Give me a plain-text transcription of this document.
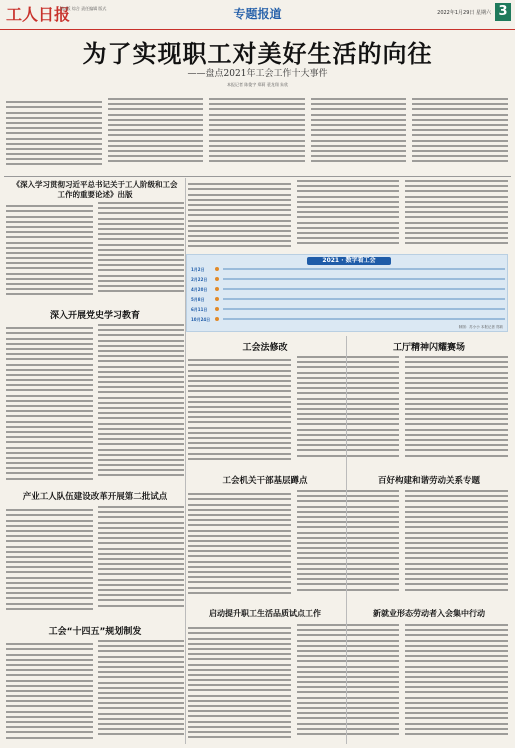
工人日报
第3版 综合 责任编辑 版式	专题报道	2022年1月29日 星期六 3
为了实现职工对美好生活的向往
——盘点2021年工会工作十大事件
本报记者 陈俊宇 郑莉 裴龙翔 朱欣
《深入学习贯彻习近平总书记关于工人阶级和工会工作的重要论述》出版
深入开展党史学习教育
产业工人队伍建设改革开展第二批试点
工会“十四五”规划制发
2021 · 数字看工会
1月2日
2月22日
4月20日
5月8日
6月11日
10月24日
制图：苏小小 本报记者 郑莉
工会法修改	工厅精神闪耀赛场
工会机关干部基层蹲点	百好构建和谐劳动关系专题
启动提升职工生活品质试点工作	新就业形态劳动者入会集中行动
